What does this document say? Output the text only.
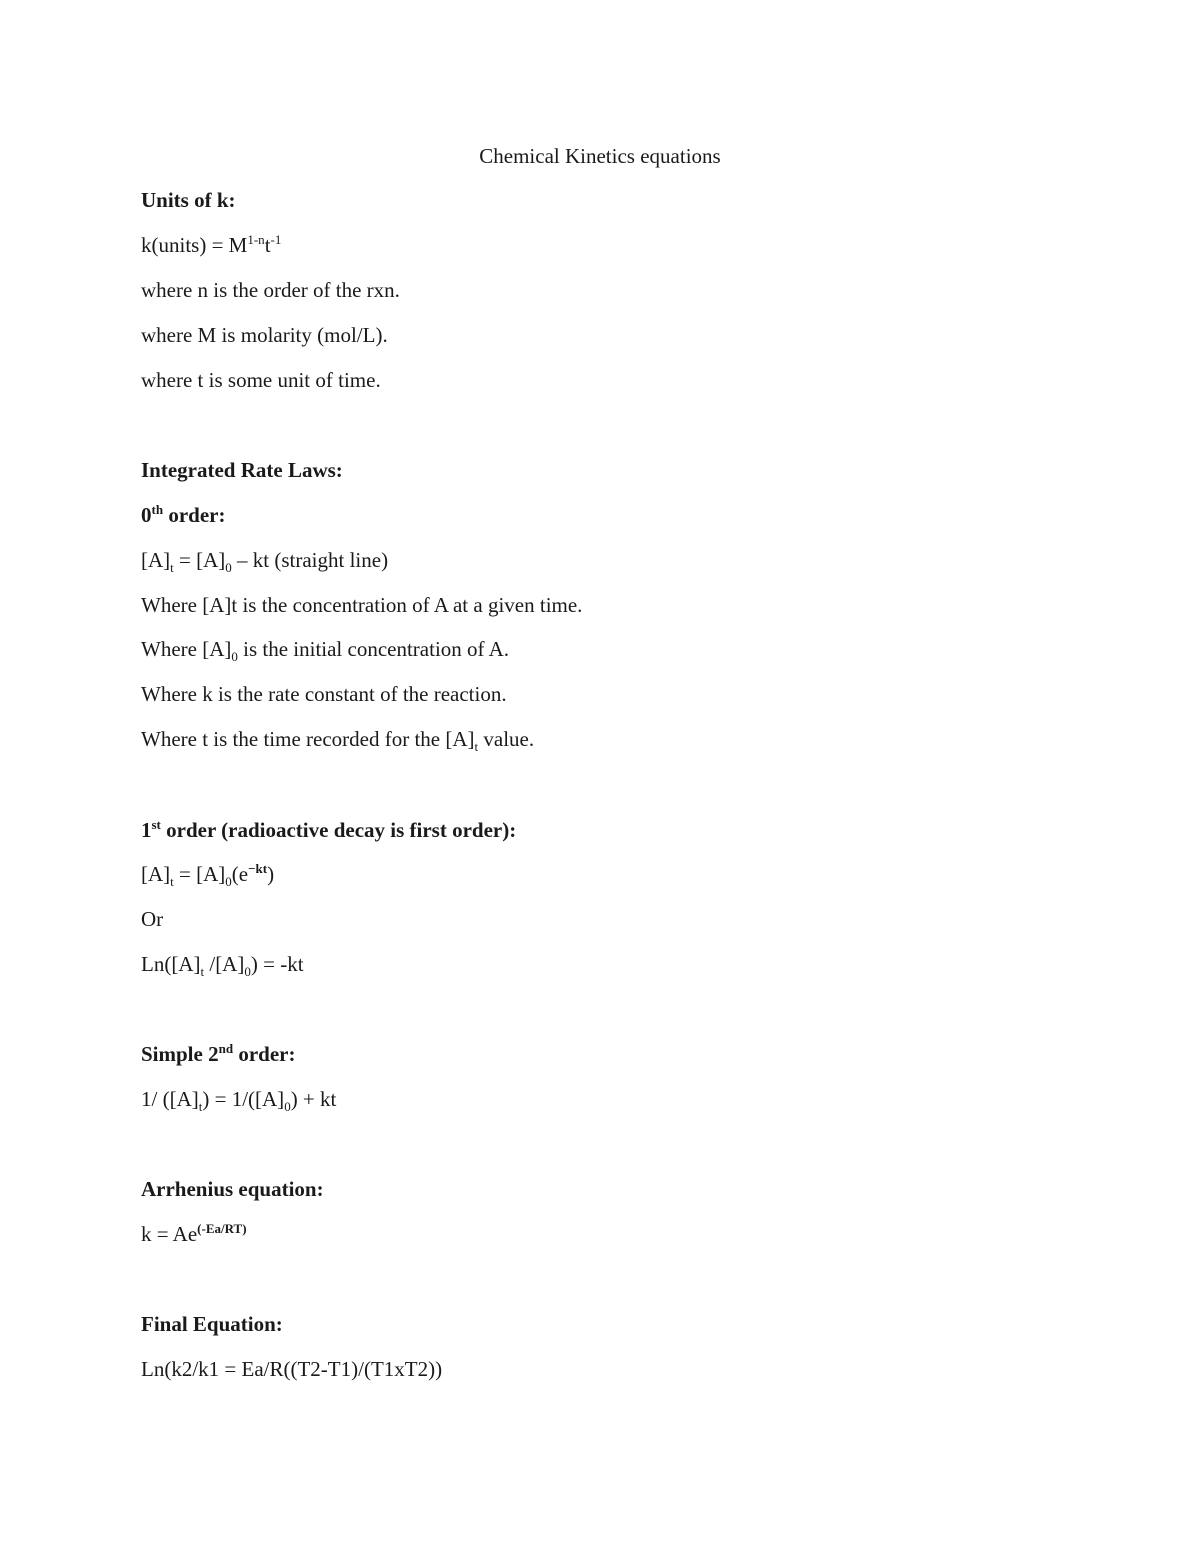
Chemical Kinetics equations
Units of k:
k(units) = $M^{1-n}t^{-1}$
where n is the order of the rxn.
where M is molarity (mol/L).
where t is some unit of time.
Integrated Rate Laws:
0th order:
$[A]_t = [A]_0$ – kt (straight line)
Where [A]t is the concentration of A at a given time.
Where $[A]_0$ is the initial concentration of A.
Where k is the rate constant of the reaction.
Where t is the time recorded for the $[A]_t$ value.
1st order (radioactive decay is first order):
$[A]_t = [A]_0(e^{-kt})$
Or
$Ln([A]_t$ $/[A]_0) = -kt$
Simple 2nd order:
1/ $([A]_t) = 1/([A]_0)$ + kt
Arrhenius equation:
$k = Ae^{(-Ea/RT)}$
Final Equation:
Ln(k2/k1 = Ea/R((T2-T1)/(T1xT2))
